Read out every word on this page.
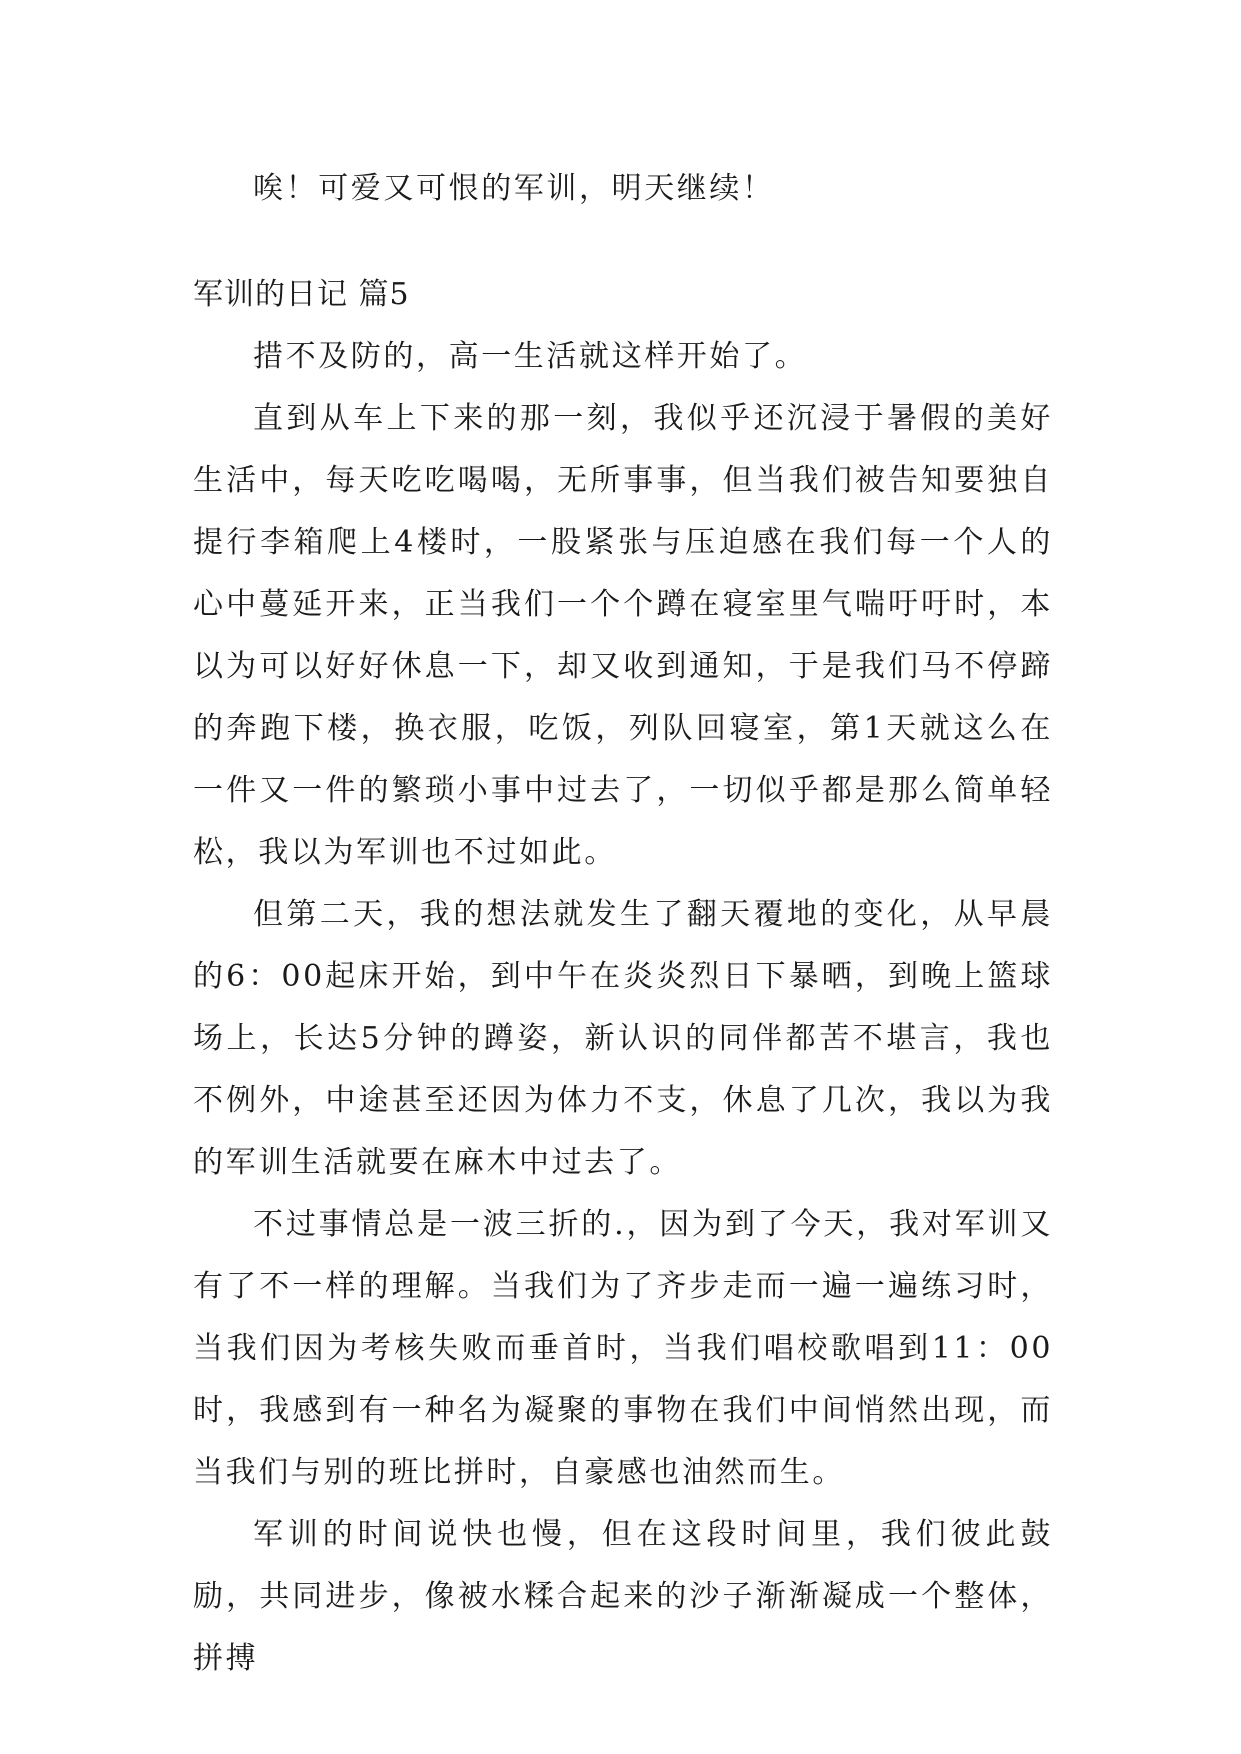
唉！可爱又可恨的军训，明天继续！

军训的日记 篇5

措不及防的，高一生活就这样开始了。

直到从车上下来的那一刻，我似乎还沉浸于暑假的美好生活中，每天吃吃喝喝，无所事事，但当我们被告知要独自提行李箱爬上4楼时，一股紧张与压迫感在我们每一个人的心中蔓延开来，正当我们一个个蹲在寝室里气喘吁吁时，本以为可以好好休息一下，却又收到通知，于是我们马不停蹄的奔跑下楼，换衣服，吃饭，列队回寝室，第1天就这么在一件又一件的繁琐小事中过去了，一切似乎都是那么简单轻松，我以为军训也不过如此。

但第二天，我的想法就发生了翻天覆地的变化，从早晨的6：00起床开始，到中午在炎炎烈日下暴晒，到晚上篮球场上，长达5分钟的蹲姿，新认识的同伴都苦不堪言，我也不例外，中途甚至还因为体力不支，休息了几次，我以为我的军训生活就要在麻木中过去了。

不过事情总是一波三折的.，因为到了今天，我对军训又有了不一样的理解。当我们为了齐步走而一遍一遍练习时，当我们因为考核失败而垂首时，当我们唱校歌唱到11：00时，我感到有一种名为凝聚的事物在我们中间悄然出现，而当我们与别的班比拼时，自豪感也油然而生。

军训的时间说快也慢，但在这段时间里，我们彼此鼓励，共同进步，像被水糅合起来的沙子渐渐凝成一个整体，拼搏
